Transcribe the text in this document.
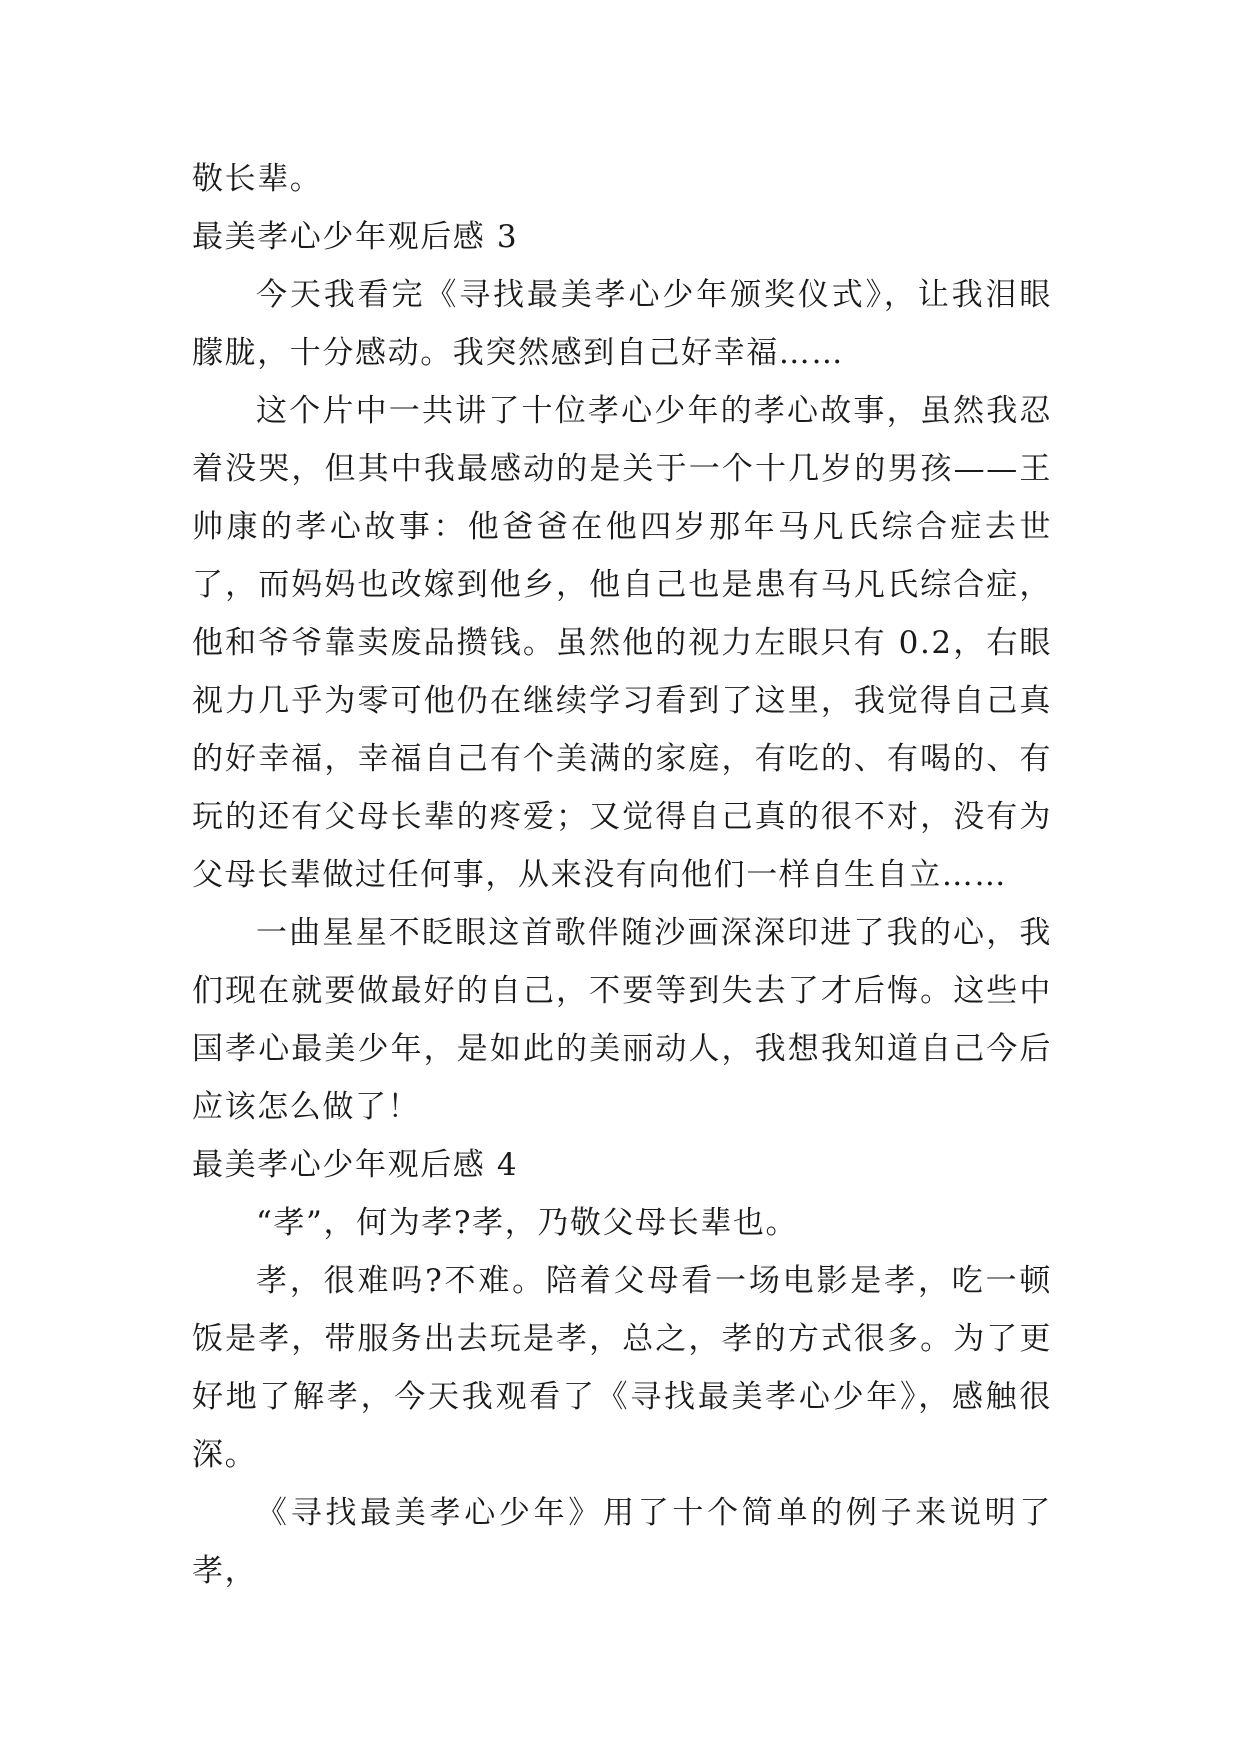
敬长辈。

最美孝心少年观后感 3

今天我看完《寻找最美孝心少年颁奖仪式》，让我泪眼朦胧，十分感动。我突然感到自己好幸福……

这个片中一共讲了十位孝心少年的孝心故事，虽然我忍着没哭，但其中我最感动的是关于一个十几岁的男孩——王帅康的孝心故事：他爸爸在他四岁那年马凡氏综合症去世了，而妈妈也改嫁到他乡，他自己也是患有马凡氏综合症，他和爷爷靠卖废品攒钱。虽然他的视力左眼只有 0.2，右眼视力几乎为零可他仍在继续学习看到了这里，我觉得自己真的好幸福，幸福自己有个美满的家庭，有吃的、有喝的、有玩的还有父母长辈的疼爱；又觉得自己真的很不对，没有为父母长辈做过任何事，从来没有向他们一样自生自立……

一曲星星不眨眼这首歌伴随沙画深深印进了我的心，我们现在就要做最好的自己，不要等到失去了才后悔。这些中国孝心最美少年，是如此的美丽动人，我想我知道自己今后应该怎么做了！

最美孝心少年观后感 4

“孝”，何为孝?孝，乃敬父母长辈也。

孝，很难吗?不难。陪着父母看一场电影是孝，吃一顿饭是孝，带服务出去玩是孝，总之，孝的方式很多。为了更好地了解孝，今天我观看了《寻找最美孝心少年》，感触很深。

《寻找最美孝心少年》用了十个简单的例子来说明了孝，
